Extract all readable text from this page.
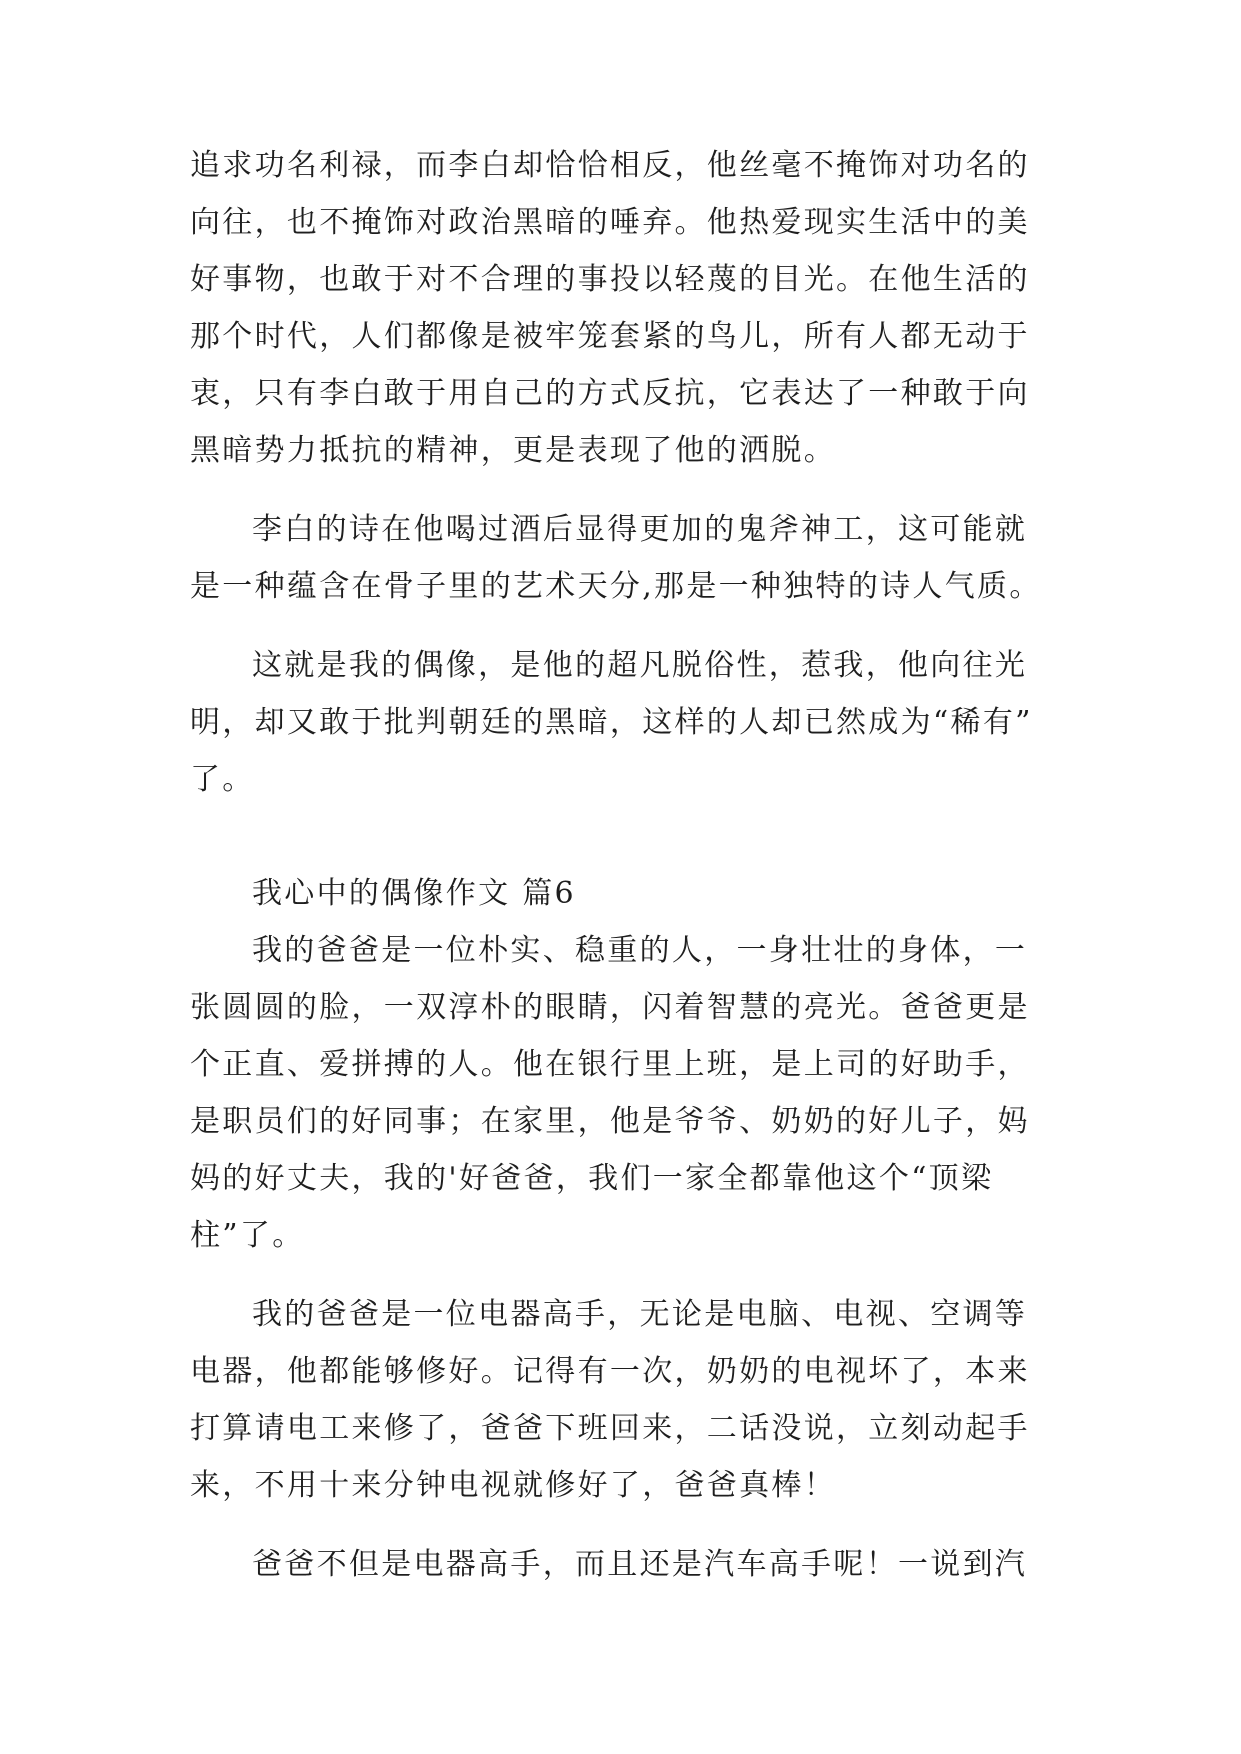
追求功名利禄，而李白却恰恰相反，他丝毫不掩饰对功名的
向往，也不掩饰对政治黑暗的唾弃。他热爱现实生活中的美
好事物，也敢于对不合理的事投以轻蔑的目光。在他生活的
那个时代，人们都像是被牢笼套紧的鸟儿，所有人都无动于
衷，只有李白敢于用自己的方式反抗，它表达了一种敢于向
黑暗势力抵抗的精神，更是表现了他的洒脱。
李白的诗在他喝过酒后显得更加的鬼斧神工，这可能就
是一种蕴含在骨子里的艺术天分,那是一种独特的诗人气质。
这就是我的偶像，是他的超凡脱俗性，惹我，他向往光
明，却又敢于批判朝廷的黑暗，这样的人却已然成为“稀有”
了。
我心中的偶像作文 篇6
我的爸爸是一位朴实、稳重的人，一身壮壮的身体，一
张圆圆的脸，一双淳朴的眼睛，闪着智慧的亮光。爸爸更是
个正直、爱拼搏的人。他在银行里上班，是上司的好助手，
是职员们的好同事；在家里，他是爷爷、奶奶的好儿子，妈
妈的好丈夫，我的'好爸爸，我们一家全都靠他这个“顶梁
柱”了。
我的爸爸是一位电器高手，无论是电脑、电视、空调等
电器，他都能够修好。记得有一次，奶奶的电视坏了，本来
打算请电工来修了，爸爸下班回来，二话没说，立刻动起手
来，不用十来分钟电视就修好了，爸爸真棒！
爸爸不但是电器高手，而且还是汽车高手呢！一说到汽
